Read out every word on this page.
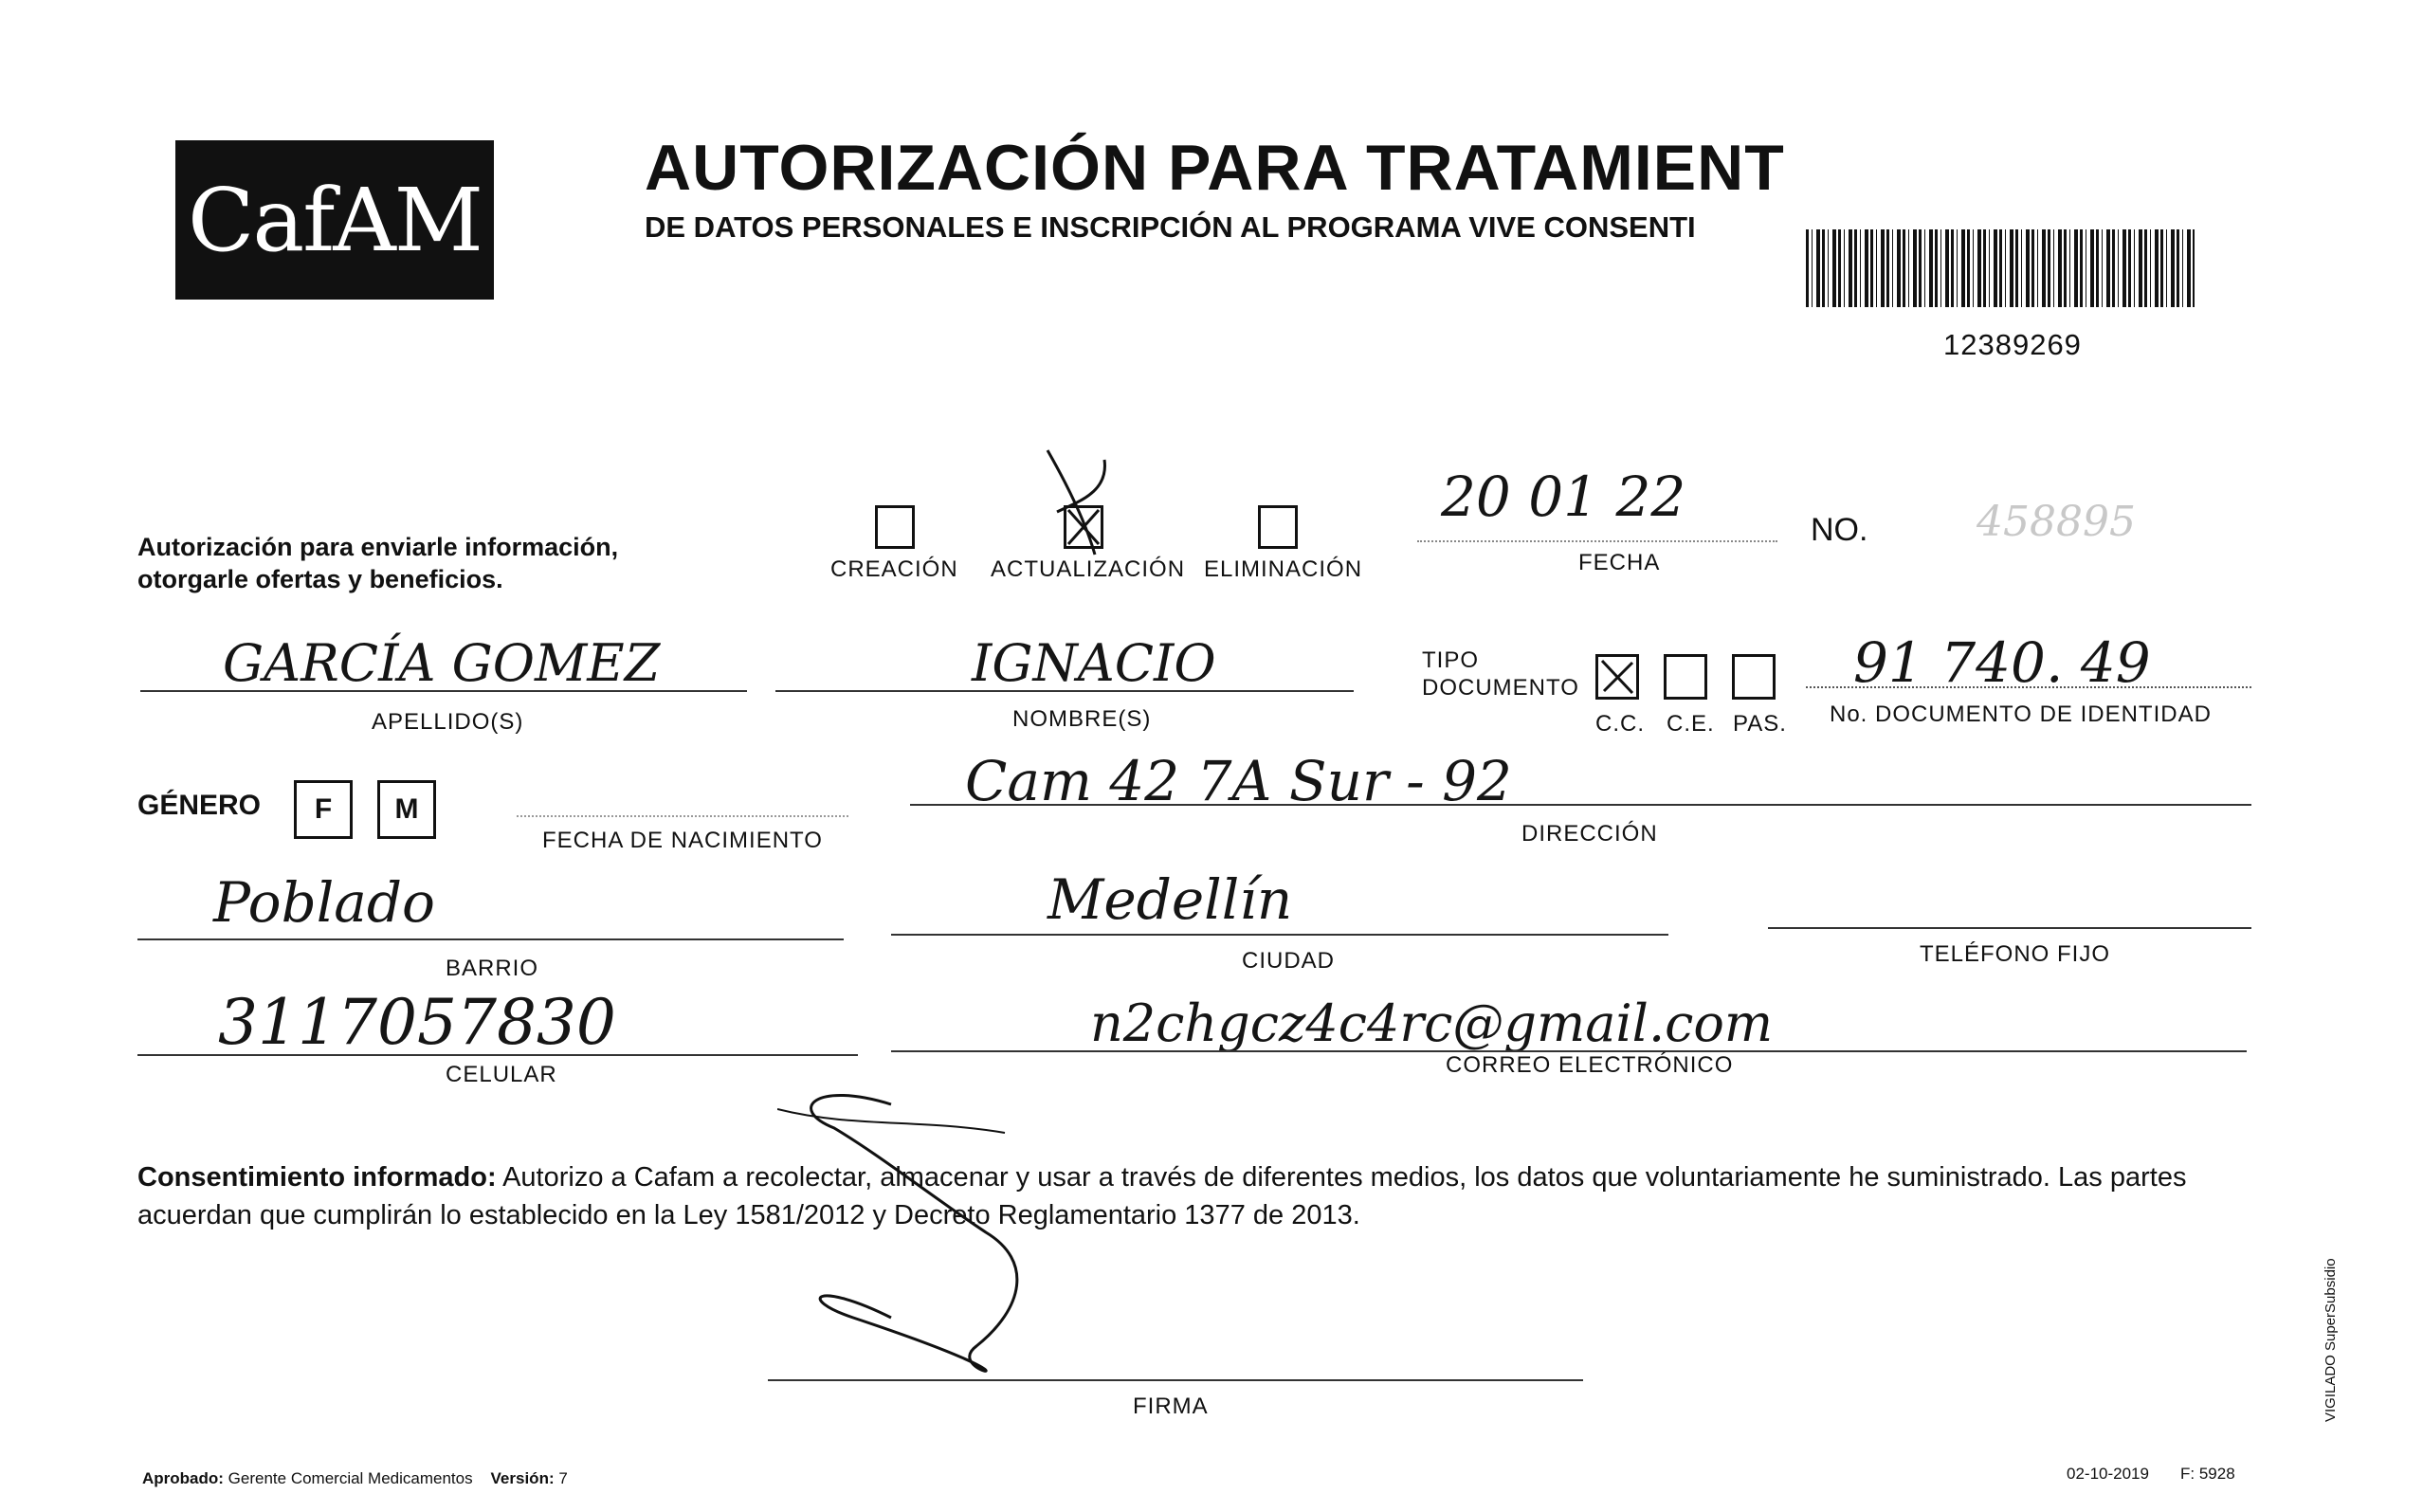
CafAM
AUTORIZACIÓN PARA TRATAMIENT
DE DATOS PERSONALES E INSCRIPCIÓN AL PROGRAMA VIVE CONSENTI
12389269
Autorización para enviarle información,
otorgarle ofertas y beneficios.	CREACIÓN ACTUALIZACIÓN ELIMINACIÓN
20 01 22
FECHA
NO.	458895
GARCÍA GOMEZ
APELLIDO(S)
IGNACIO
NOMBRE(S)
TIPO
DOCUMENTO
C.C. C.E. PAS.
91 740. 49
No. DOCUMENTO DE IDENTIDAD
GÉNERO	F	M
FECHA DE NACIMIENTO
Cam 42 7A Sur - 92
DIRECCIÓN
Poblado
BARRIO
Medellín
CIUDAD	TELÉFONO FIJO
3117057830
CELULAR
n2chgcz4c4rc@gmail.com
CORREO ELECTRÓNICO
Consentimiento informado: Autorizo a Cafam a recolectar, almacenar y usar a través de diferentes medios, los datos que voluntariamente he suministrado. Las partes acuerdan que cumplirán lo establecido en la Ley 1581/2012 y Decreto Reglamentario 1377 de 2013.
FIRMA
Aprobado: Gerente Comercial Medicamentos Versión: 7	02-10-2019 F: 5928
VIGILADO SuperSubsidio
